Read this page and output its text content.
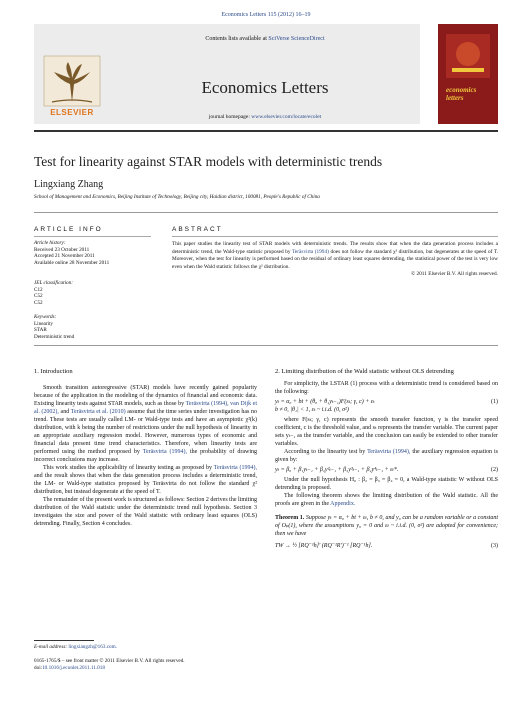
Economics Letters 115 (2012) 16–19
ELSEVIER
Contents lists available at SciVerse ScienceDirect
Economics Letters
journal homepage: www.elsevier.com/locate/ecolet
economics letters
Test for linearity against STAR models with deterministic trends
Lingxiang Zhang
School of Management and Economics, Beijing Institute of Technology, Beijing city, Haidian district, 100081, People's Republic of China
ARTICLE INFO
Article history:
Received 23 October 2011
Accepted 21 November 2011
Available online 28 November 2011
JEL classification:
C12
C52
C52
Keywords:
Linearity
STAR
Deterministic trend
ABSTRACT
This paper studies the linearity test of STAR models with deterministic trends. The results show that when the data generation process includes a deterministic trend, the Wald-type statistic proposed by Teräsvirta (1994) does not follow the standard χ² distribution, but degenerates at the speed of T. Moreover, when the test for linearity is performed based on the residual of ordinary least squares detrending, the statistical power of the test is very low even when the Wald statistic follows the χ² distribution.
© 2011 Elsevier B.V. All rights reserved.
1. Introduction

Smooth transition autoregressive (STAR) models have recently gained popularity because of the application in the modeling of the dynamics of financial and economic data. Existing linearity tests against STAR models, such as those by Teräsvirta (1994), van Dijk et al. (2002), and Teräsvirta et al. (2010) assume that the time series under investigation has no trend. These tests are usually called LM- or Wald-type tests and have an asymptotic χ²(k) distribution, with k being the number of restrictions under the null hypothesis of linearity in an appropriate auxiliary regression model. However, numerous types of economic and financial data present time trend characteristics. Therefore, when linearity tests are performed using the method proposed by Teräsvirta (1994), the probability of drawing incorrect conclusions may increase.

This work studies the applicability of linearity testing as proposed by Teräsvirta (1994), and the result shows that when the data generation process includes a deterministic trend, the LM- or Wald-type statistics proposed by Teräsvirta do not follow the standard χ² distribution, but instead degenerate at the speed of T.

The remainder of the present work is structured as follows: Section 2 derives the limiting distribution of the Wald statistic under the deterministic trend null hypothesis. Section 3 investigates the size and power of the Wald statistic with ordinary least squares (OLS) detrending. Finally, Section 4 concludes.

2. Limiting distribution of the Wald statistic without OLS detrending

For simplicity, the LSTAR (1) process with a deterministic trend is considered based on the following:

yₜ = α₀ + bt + (θ₀ + θ₁yₜ₋₁)F(sₜ; γ, c) + εₜ	(1)
b ≠ 0, |θ₁| < 1, εₜ ~ i.i.d. (0, σ²)

where F(sₜ; γ, c) represents the smooth transfer function, γ is the transfer speed coefficient, c is the threshold value, and sₜ represents the transfer variable. The current paper sets yₜ₋₁ as the transfer variable, and the conclusion can easily be extended to other transfer variables.

According to the linearity test by Teräsvirta (1994), the auxiliary regression equation is given by:

yₜ = β₀ + β₁yₜ₋₁ + β₂y²ₜ₋₁ + β₃y³ₜ₋₁ + β₄y⁴ₜ₋₁ + εₜ*.	(2)

Under the null hypothesis H₀ : β₂ = β₃ = β₄ = 0, a Wald-type statistic W without OLS detrending is proposed.

The following theorem shows the limiting distribution of the Wald statistic. All the proofs are given in the Appendix.

Theorem 1. Suppose yₜ = α₀ + bt + εₜ, b ≠ 0, and y₀ can be a random variable or a constant of Oₚ(1), where the assumptions y₀ = 0 and εₜ ~ i.i.d. (0, σ²) are adopted for convenience; then we have
TW → ½ [RQ⁻¹h]′ (RQ⁻¹R′)⁻¹ [RQ⁻¹h].	(3)
E-mail address: lingxiangzh@163.com.
0165-1765/$ – see front matter © 2011 Elsevier B.V. All rights reserved.
doi:10.1016/j.econlet.2011.11.018
